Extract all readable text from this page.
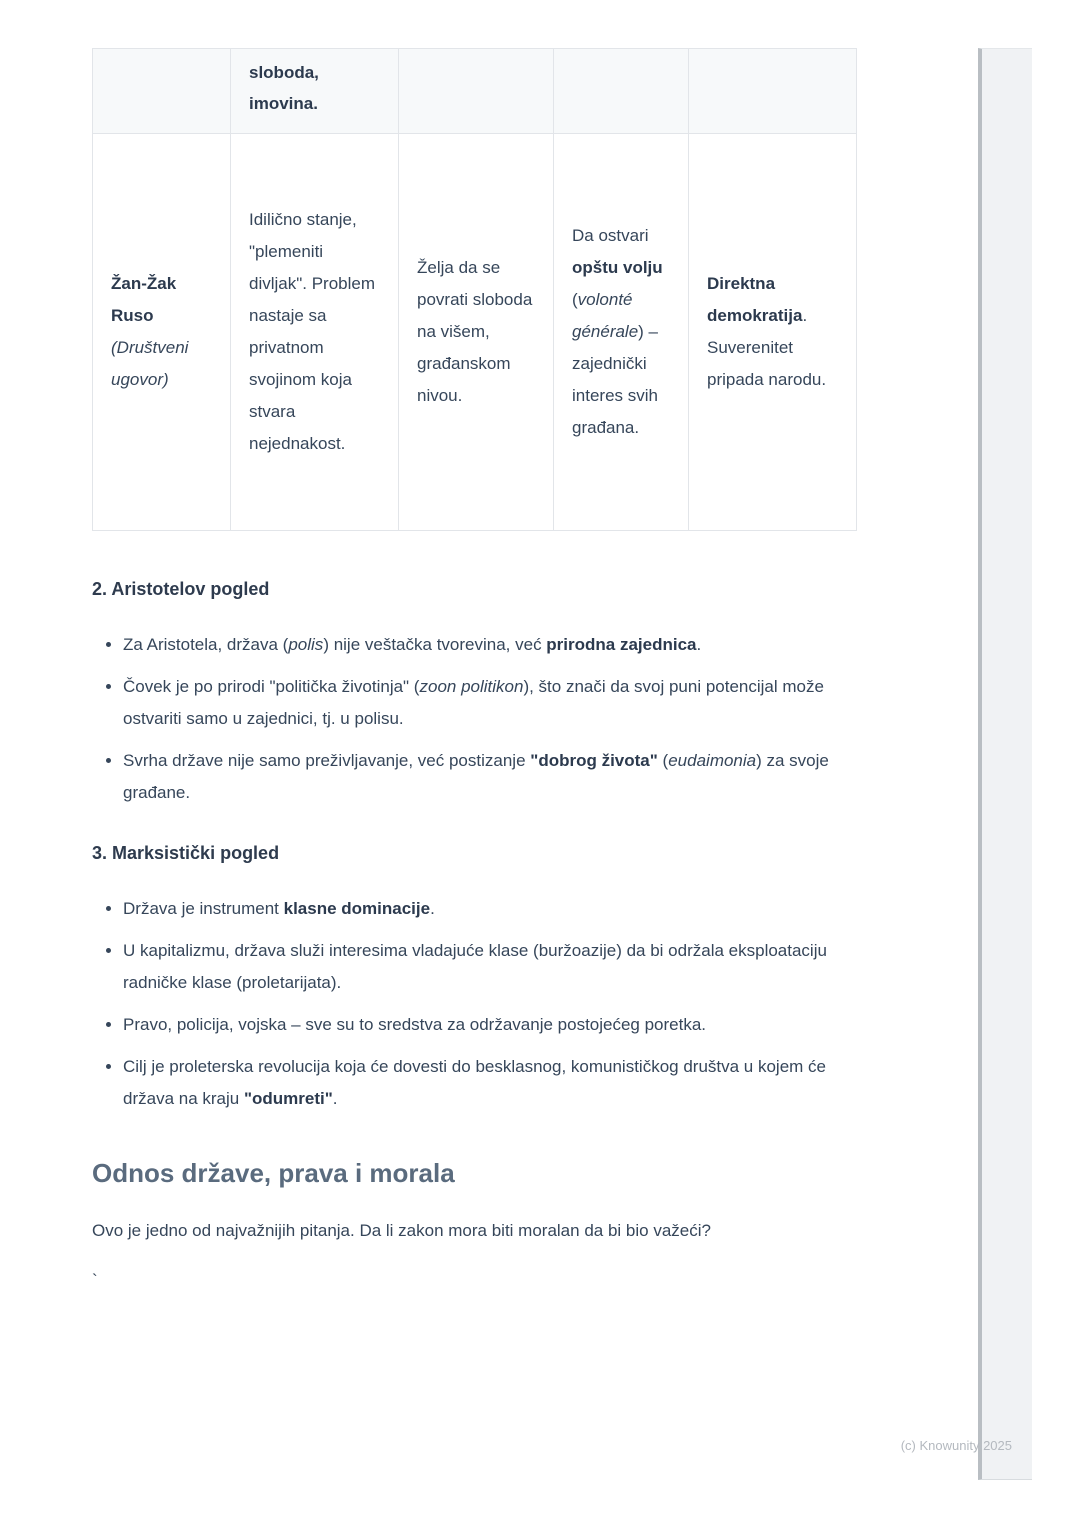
	sloboda,
imovina.			

Žan-Žak Ruso (Društveni ugovor)	Idilično stanje, "plemeniti divljak". Problem nastaje sa privatnom svojinom koja stvara nejednakost.	Želja da se povrati sloboda na višem, građanskom nivou.	Da ostvari opštu volju (volonté générale) – zajednički interes svih građana.	Direktna demokratija. Suverenitet pripada narodu.
2. Aristotelov pogled
• Za Aristotela, država (polis) nije veštačka tvorevina, već prirodna zajednica.
• Čovek je po prirodi "politička životinja" (zoon politikon), što znači da svoj puni potencijal može ostvariti samo u zajednici, tj. u polisu.
• Svrha države nije samo preživljavanje, već postizanje "dobrog života" (eudaimonia) za svoje građane.
3. Marksistički pogled
• Država je instrument klasne dominacije.
• U kapitalizmu, država služi interesima vladajuće klase (buržoazije) da bi održala eksploataciju radničke klase (proletarijata).
• Pravo, policija, vojska – sve su to sredstva za održavanje postojećeg poretka.
• Cilj je proleterska revolucija koja će dovesti do besklasnog, komunističkog društva u kojem će država na kraju "odumreti".
Odnos države, prava i morala

Ovo je jedno od najvažnijih pitanja. Da li zakon mora biti moralan da bi bio važeći?

`
(c) Knowunity 2025
